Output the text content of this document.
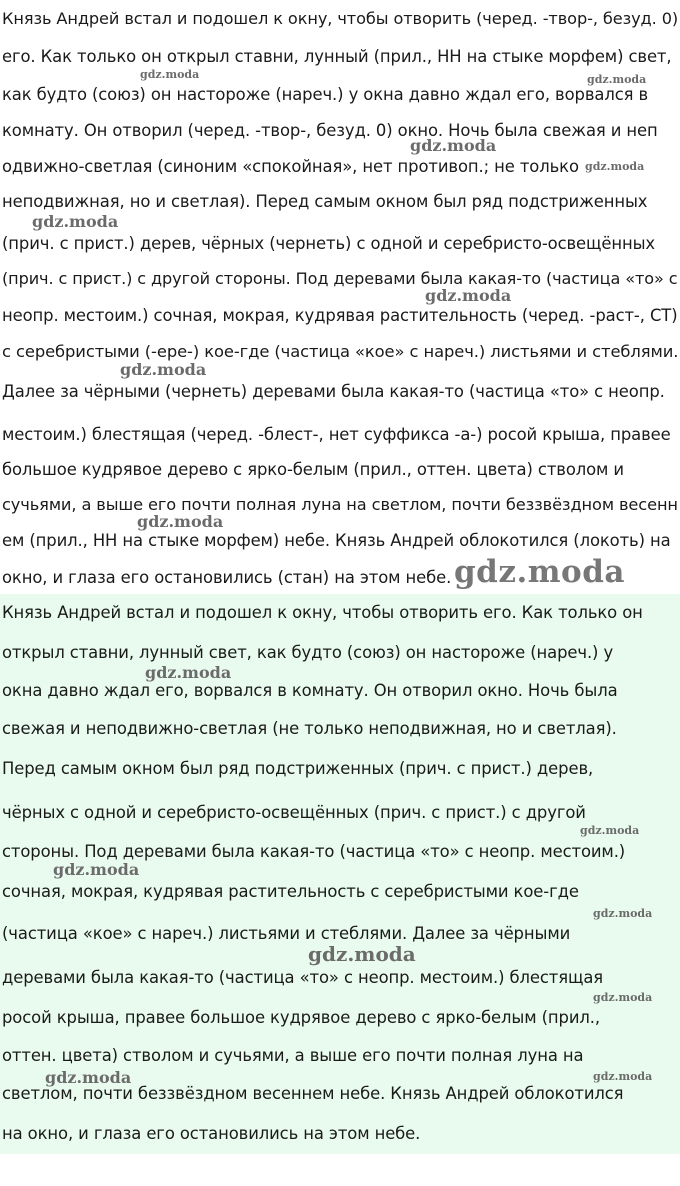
Князь Андрей встал и подошел к окну, чтобы отворить (черед. -твор-, безуд. 0)
его. Как только он открыл ставни, лунный (прил., НН на стыке морфем) свет,
как будто (союз) он настороже (нареч.) у окна давно ждал его, ворвался в
комнату. Он отворил (черед. -твор-, безуд. 0) окно. Ночь была свежая и неп
одвижно-светлая (синоним «спокойная», нет противоп.; не только
неподвижная, но и светлая). Перед самым окном был ряд подстриженных
(прич. с прист.) дерев, чёрных (чернеть) с одной и серебристо-освещённых
(прич. с прист.) с другой стороны. Под деревами была какая-то (частица «то» с
неопр. местоим.) сочная, мокрая, кудрявая растительность (черед. -раст-, СТ)
с серебристыми (-ере-) кое-где (частица «кое» с нареч.) листьями и стеблями.
Далее за чёрными (чернеть) деревами была какая-то (частица «то» с неопр.
местоим.) блестящая (черед. -блест-, нет суффикса -а-) росой крыша, правее
большое кудрявое дерево с ярко-белым (прил., оттен. цвета) стволом и
сучьями, а выше его почти полная луна на светлом, почти беззвёздном весенн
ем (прил., НН на стыке морфем) небе. Князь Андрей облокотился (локоть) на
окно, и глаза его остановились (стан) на этом небе.
gdz.moda	gdz.moda
gdz.moda
gdz.moda
gdz.moda
gdz.moda
gdz.moda
gdz.moda
gdz.moda
Князь Андрей встал и подошел к окну, чтобы отворить его. Как только он
открыл ставни, лунный свет, как будто (союз) он настороже (нареч.) у
окна давно ждал его, ворвался в комнату. Он отворил окно. Ночь была
свежая и неподвижно-светлая (не только неподвижная, но и светлая).
Перед самым окном был ряд подстриженных (прич. с прист.) дерев,
чёрных с одной и серебристо-освещённых (прич. с прист.) с другой
стороны. Под деревами была какая-то (частица «то» с неопр. местоим.)
сочная, мокрая, кудрявая растительность с серебристыми кое-где
(частица «кое» с нареч.) листьями и стеблями. Далее за чёрными
деревами была какая-то (частица «то» с неопр. местоим.) блестящая
росой крыша, правее большое кудрявое дерево с ярко-белым (прил.,
оттен. цвета) стволом и сучьями, а выше его почти полная луна на
светлом, почти беззвёздном весеннем небе. Князь Андрей облокотился
на окно, и глаза его остановились на этом небе.
gdz.moda
gdz.moda
gdz.moda
gdz.moda
gdz.moda
gdz.moda
gdz.moda	gdz.moda
